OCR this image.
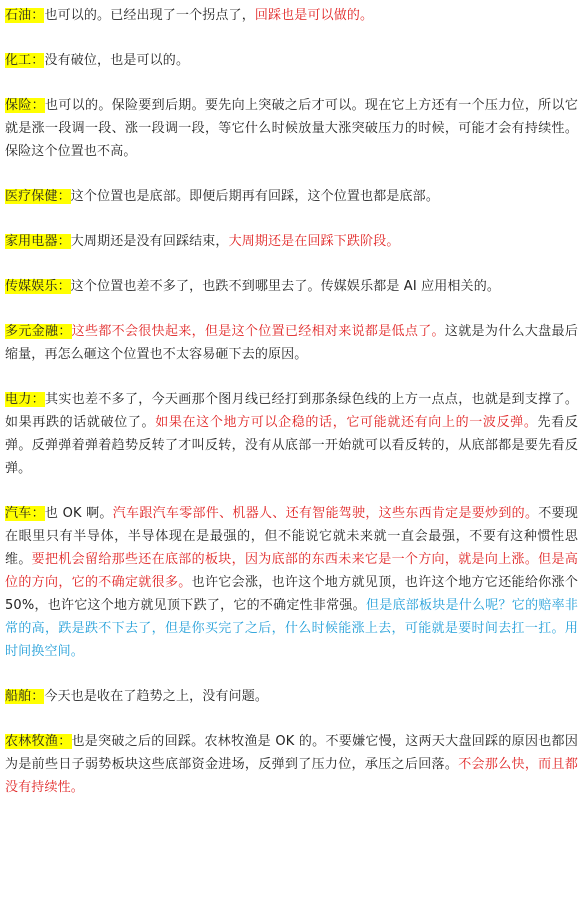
石油：也可以的。已经出现了一个拐点了，回踩也是可以做的。

化工：没有破位，也是可以的。

保险：也可以的。保险要到后期。要先向上突破之后才可以。现在它上方还有一个压力位，所以它就是涨一段调一段、涨一段调一段，等它什么时候放量大涨突破压力的时候，可能才会有持续性。保险这个位置也不高。

医疗保健：这个位置也是底部。即便后期再有回踩，这个位置也都是底部。

家用电器：大周期还是没有回踩结束，大周期还是在回踩下跌阶段。

传媒娱乐：这个位置也差不多了，也跌不到哪里去了。传媒娱乐都是 AI 应用相关的。

多元金融：这些都不会很快起来，但是这个位置已经相对来说都是低点了。这就是为什么大盘最后缩量，再怎么砸这个位置也不太容易砸下去的原因。

电力：其实也差不多了，今天画那个图月线已经打到那条绿色线的上方一点点，也就是到支撑了。如果再跌的话就破位了。如果在这个地方可以企稳的话，它可能就还有向上的一波反弹。先看反弹。反弹弹着弹着趋势反转了才叫反转，没有从底部一开始就可以看反转的，从底部都是要先看反弹。

汽车：也 OK 啊。汽车跟汽车零部件、机器人、还有智能驾驶，这些东西肯定是要炒到的。不要现在眼里只有半导体，半导体现在是最强的，但不能说它就未来就一直会最强，不要有这种惯性思维。要把机会留给那些还在底部的板块，因为底部的东西未来它是一个方向，就是向上涨。但是高位的方向，它的不确定就很多。也许它会涨，也许这个地方就见顶，也许这个地方它还能给你涨个 50%，也许它这个地方就见顶下跌了，它的不确定性非常强。但是底部板块是什么呢？它的赔率非常的高，跌是跌不下去了，但是你买完了之后，什么时候能涨上去，可能就是要时间去扛一扛。用时间换空间。

船舶：今天也是收在了趋势之上，没有问题。

农林牧渔：也是突破之后的回踩。农林牧渔是 OK 的。不要嫌它慢，这两天大盘回踩的原因也都因为是前些日子弱势板块这些底部资金进场，反弹到了压力位，承压之后回落。不会那么快，而且都没有持续性。
